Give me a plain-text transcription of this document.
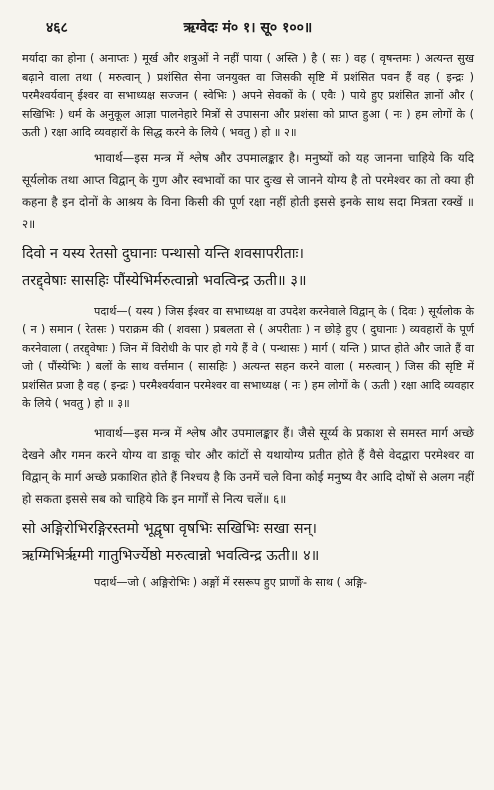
४६८	ऋग्वेदः मं० १। सू० १००॥

मर्यादा का होना ( अनाप्तः ) मूर्ख और शत्रुओं ने नहीं पाया ( अस्ति ) है ( सः ) वह ( वृषन्तमः ) अत्यन्त सुख बढ़ाने वाला तथा ( मरुत्वान् ) प्रशंसित सेना जनयुक्त वा जिसकी सृष्टि में प्रशंसित पवन हैं वह ( इन्द्रः ) परमैश्वर्यवान् ईश्वर वा सभाध्यक्ष सज्जन ( स्वेभिः ) अपने सेवकों के ( एवैः ) पाये हुए प्रशंसित ज्ञानों और ( सखिभिः ) धर्म के अनुकूल आज्ञा पालनेहारे मित्रों से उपासना और प्रशंसा को प्राप्त हुआ ( नः ) हम लोगों के ( ऊती ) रक्षा आदि व्यवहारों के सिद्ध करने के लिये ( भवतु ) हो ॥ २॥

भावार्थ—इस मन्त्र में श्लेष और उपमालङ्कार है। मनुष्यों को यह जानना चाहिये कि यदि सूर्यलोक तथा आप्त विद्वान् के गुण और स्वभावों का पार दुःख से जानने योग्य है तो परमेश्वर का तो क्या ही कहना है इन दोनों के आश्रय के विना किसी की पूर्ण रक्षा नहीं होती इससे इनके साथ सदा मित्रता रक्खें ॥ २॥

दिवो न यस्य रेतसो दुघानाः पन्थासो यन्ति शवसापरीताः।

तरद्द्वेषाः सासहिः पौंस्येभिर्मरुत्वान्नो भवत्विन्द्र ऊती॥ ३॥

पदार्थ—( यस्य ) जिस ईश्वर वा सभाध्यक्ष वा उपदेश करनेवाले विद्वान् के ( दिवः ) सूर्यलोक के ( न ) समान ( रेतसः ) पराक्रम की ( शवसा ) प्रबलता से ( अपरीताः ) न छोड़े हुए ( दुघानाः ) व्यवहारों के पूर्ण करनेवाला ( तरद्द्वेषाः ) जिन में विरोधी के पार हो गये हैं वे ( पन्थासः ) मार्ग ( यन्ति ) प्राप्त होते और जाते हैं वा जो ( पौंस्येभिः ) बलों के साथ वर्त्तमान ( सासहिः ) अत्यन्त सहन करने वाला ( मरुत्वान् ) जिस की सृष्टि में प्रशंसित प्रजा है वह ( इन्द्रः ) परमैश्वर्यवान परमेश्वर वा सभाध्यक्ष ( नः ) हम लोगों के ( ऊती ) रक्षा आदि व्यवहार के लिये ( भवतु ) हो ॥ ३॥

भावार्थ—इस मन्त्र में श्लेष और उपमालङ्कार हैं। जैसे सूर्य्य के प्रकाश से समस्त मार्ग अच्छे देखने और गमन करने योग्य वा डाकू चोर और कांटों से यथायोग्य प्रतीत होते हैं वैसे वेदद्वारा परमेश्वर वा विद्वान् के मार्ग अच्छे प्रकाशित होते हैं निश्चय है कि उनमें चले विना कोई मनुष्य वैर आदि दोषों से अलग नहीं हो सकता इससे सब को चाहिये कि इन मार्गों से नित्य चलें॥ ६॥

सो अङ्गिरोभिरङ्गिरस्तमो भूद्वृषा वृषभिः सखिभिः सखा सन्।

ऋग्मिभिर्ऋग्मी गातुभिर्ज्येष्ठो मरुत्वान्नो भवत्विन्द्र ऊती॥ ४॥

पदार्थ—जो ( अङ्गिरोभिः ) अङ्गों में रसरूप हुए प्राणों के साथ ( अङ्गि-
